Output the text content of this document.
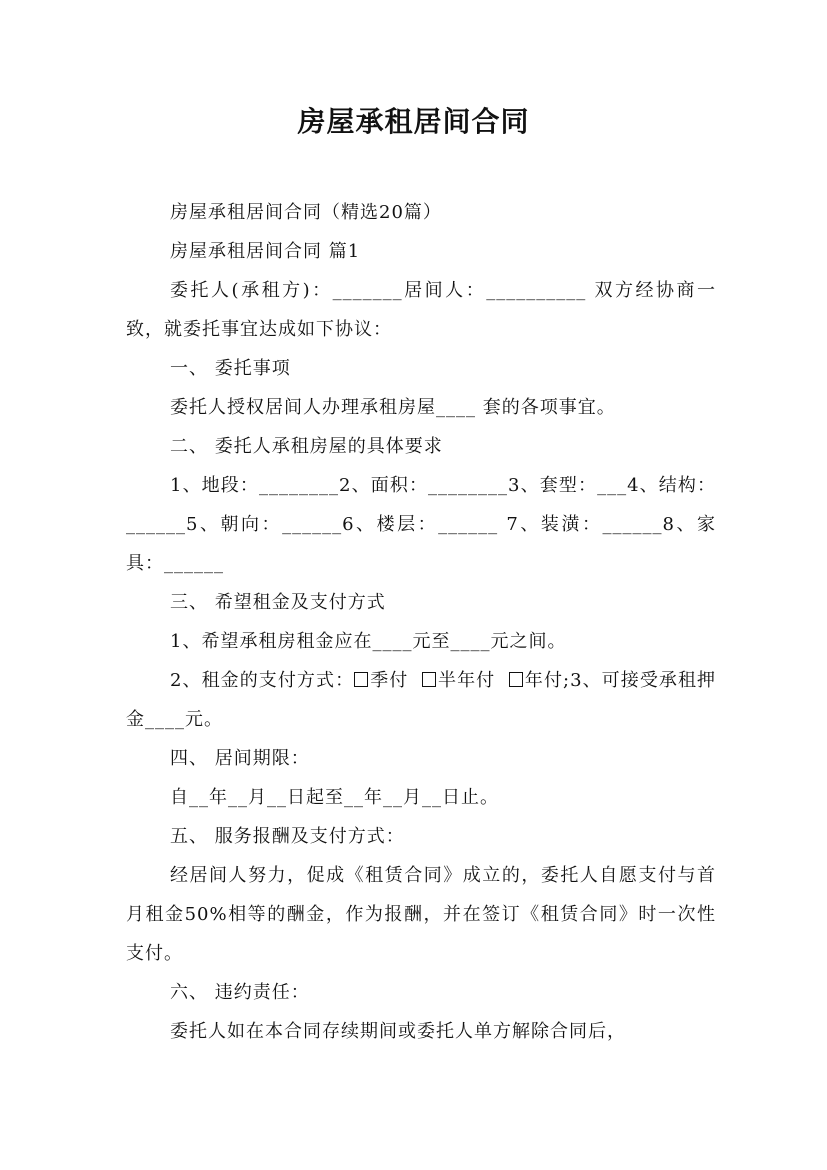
房屋承租居间合同

房屋承租居间合同（精选20篇）

房屋承租居间合同 篇1

委托人(承租方)：_______居间人：__________ 双方经协商一致，就委托事宜达成如下协议：

一、 委托事项

委托人授权居间人办理承租房屋____ 套的各项事宜。

二、 委托人承租房屋的具体要求

1、地段：________2、面积：________3、套型：___4、结构：______5、朝向：______6、楼层：______ 7、装潢：______8、家具：______

三、 希望租金及支付方式

1、希望承租房租金应在____元至____元之间。

2、租金的支付方式： 季付 半年付 年付;3、可接受承租押金____元。

四、 居间期限：

自__年__月__日起至__年__月__日止。

五、 服务报酬及支付方式：

经居间人努力，促成《租赁合同》成立的，委托人自愿支付与首月租金50%相等的酬金，作为报酬，并在签订《租赁合同》时一次性支付。

六、 违约责任：

委托人如在本合同存续期间或委托人单方解除合同后，
